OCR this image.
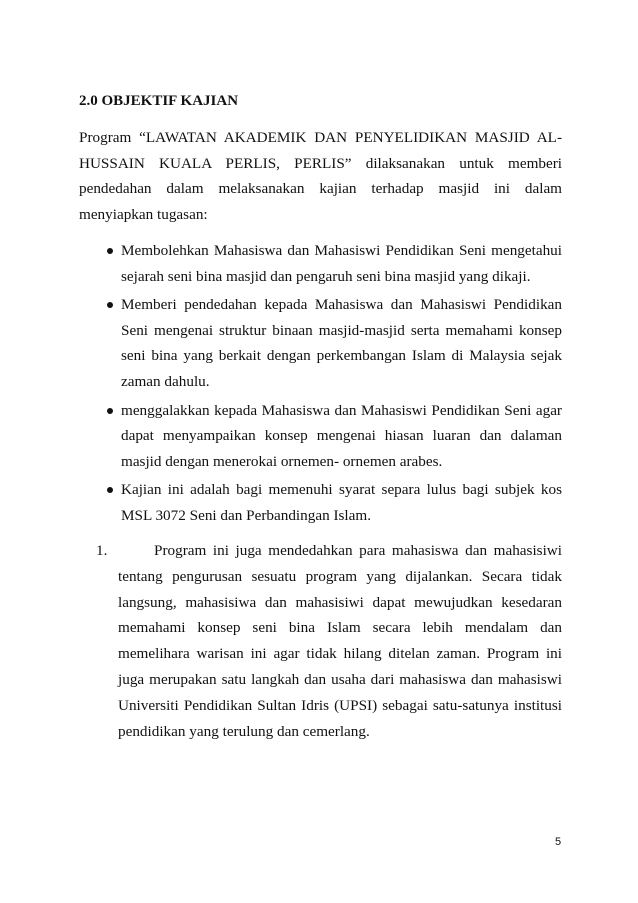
2.0 OBJEKTIF KAJIAN

Program “LAWATAN AKADEMIK DAN PENYELIDIKAN MASJID AL-HUSSAIN KUALA PERLIS, PERLIS” dilaksanakan untuk memberi pendedahan dalam melaksanakan kajian terhadap masjid ini dalam menyiapkan tugasan:

Membolehkan Mahasiswa dan Mahasiswi Pendidikan Seni mengetahui sejarah seni bina masjid dan pengaruh seni bina masjid yang dikaji.
Memberi pendedahan kepada Mahasiswa dan Mahasiswi Pendidikan Seni mengenai struktur binaan masjid-masjid serta memahami konsep seni bina yang berkait dengan perkembangan Islam di Malaysia sejak zaman dahulu.
menggalakkan kepada Mahasiswa dan Mahasiswi Pendidikan Seni agar dapat menyampaikan konsep mengenai hiasan luaran dan dalaman masjid dengan menerokai ornemen- ornemen arabes.
Kajian ini adalah bagi memenuhi syarat separa lulus bagi subjek kos MSL 3072 Seni dan Perbandingan Islam.
1.	Program ini juga mendedahkan para mahasiswa dan mahasisiwi tentang pengurusan sesuatu program yang dijalankan. Secara tidak langsung, mahasisiwa dan mahasisiwi dapat mewujudkan kesedaran memahami konsep seni bina Islam secara lebih mendalam dan memelihara warisan ini agar tidak hilang ditelan zaman. Program ini juga merupakan satu langkah dan usaha dari mahasiswa dan mahasiswi Universiti Pendidikan Sultan Idris (UPSI) sebagai satu-satunya institusi pendidikan yang terulung dan cemerlang.

5
